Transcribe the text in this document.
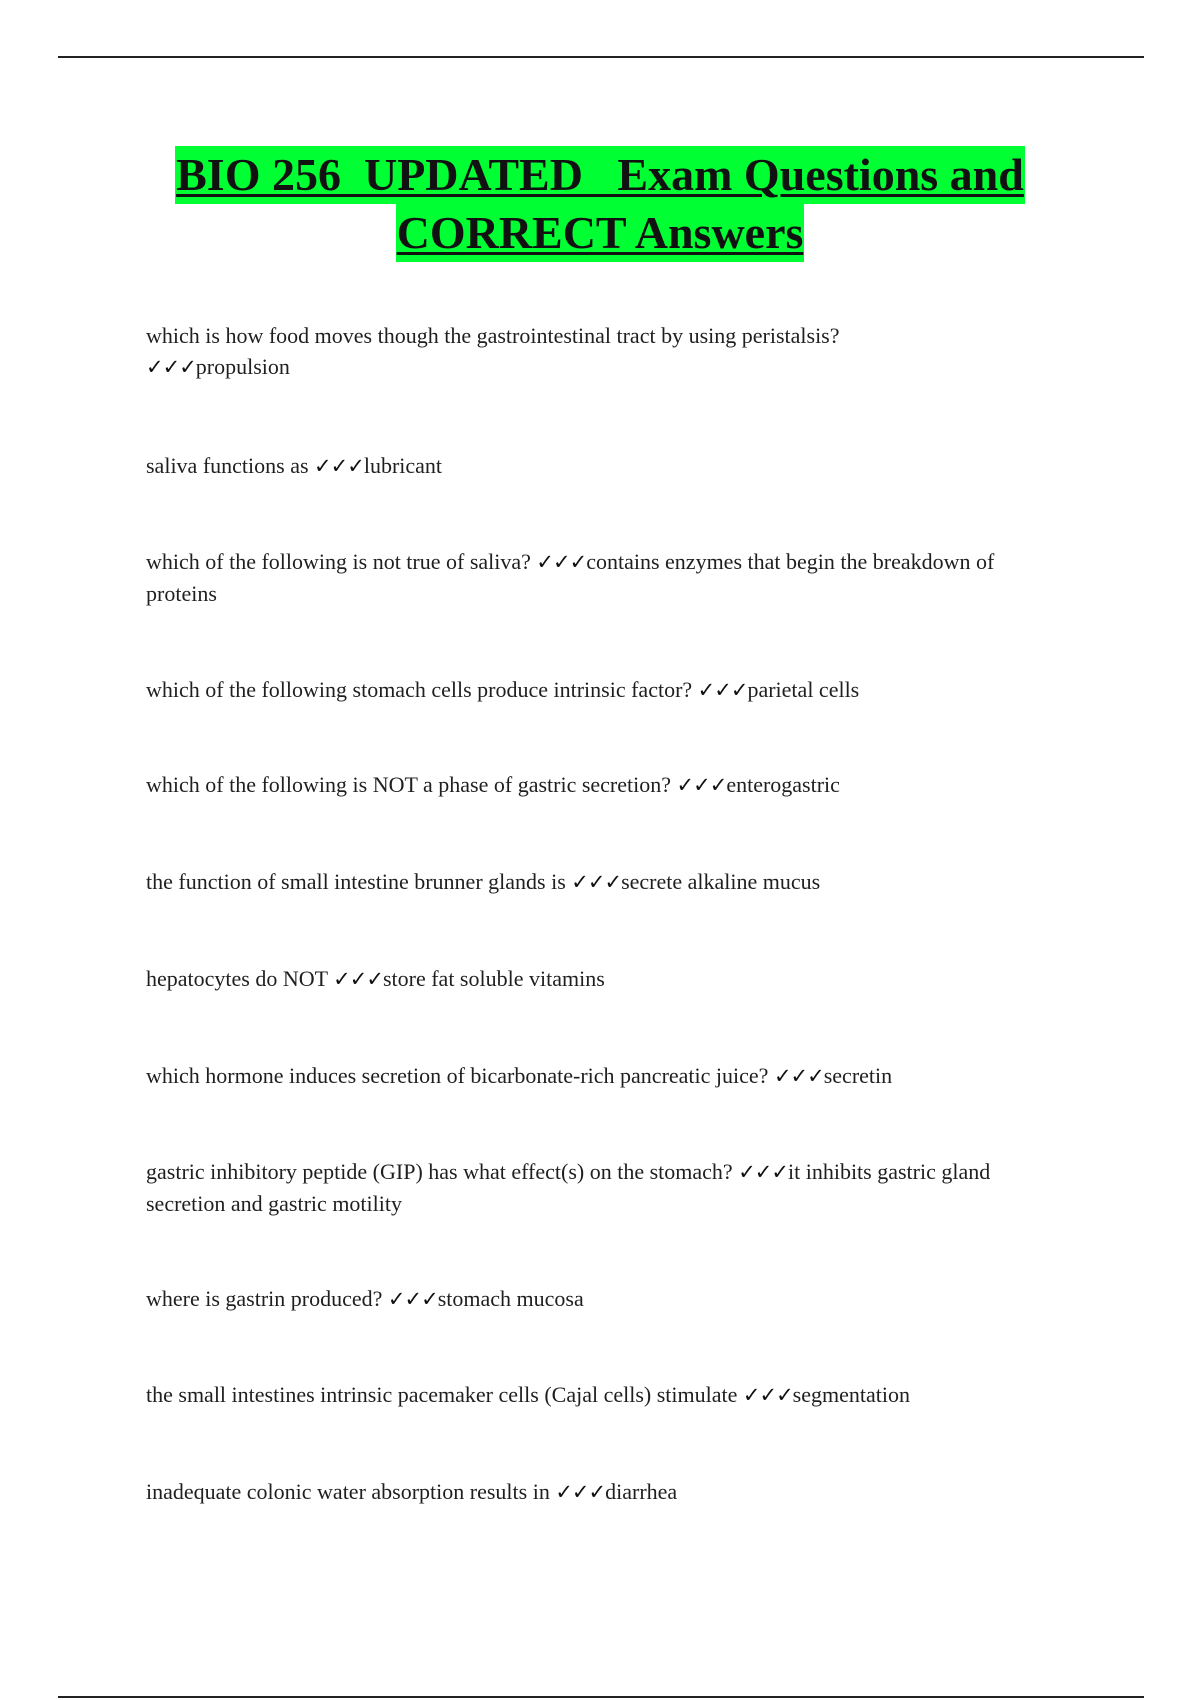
BIO 256  UPDATED   Exam Questions and
CORRECT Answers

which is how food moves though the gastrointestinal tract by using peristalsis?
✓✓✓propulsion

saliva functions as ✓✓✓lubricant

which of the following is not true of saliva? ✓✓✓contains enzymes that begin the breakdown of proteins

which of the following stomach cells produce intrinsic factor? ✓✓✓parietal cells

which of the following is NOT a phase of gastric secretion? ✓✓✓enterogastric

the function of small intestine brunner glands is ✓✓✓secrete alkaline mucus

hepatocytes do NOT ✓✓✓store fat soluble vitamins

which hormone induces secretion of bicarbonate-rich pancreatic juice? ✓✓✓secretin

gastric inhibitory peptide (GIP) has what effect(s) on the stomach? ✓✓✓it inhibits gastric gland secretion and gastric motility

where is gastrin produced? ✓✓✓stomach mucosa

the small intestines intrinsic pacemaker cells (Cajal cells) stimulate ✓✓✓segmentation

inadequate colonic water absorption results in ✓✓✓diarrhea
